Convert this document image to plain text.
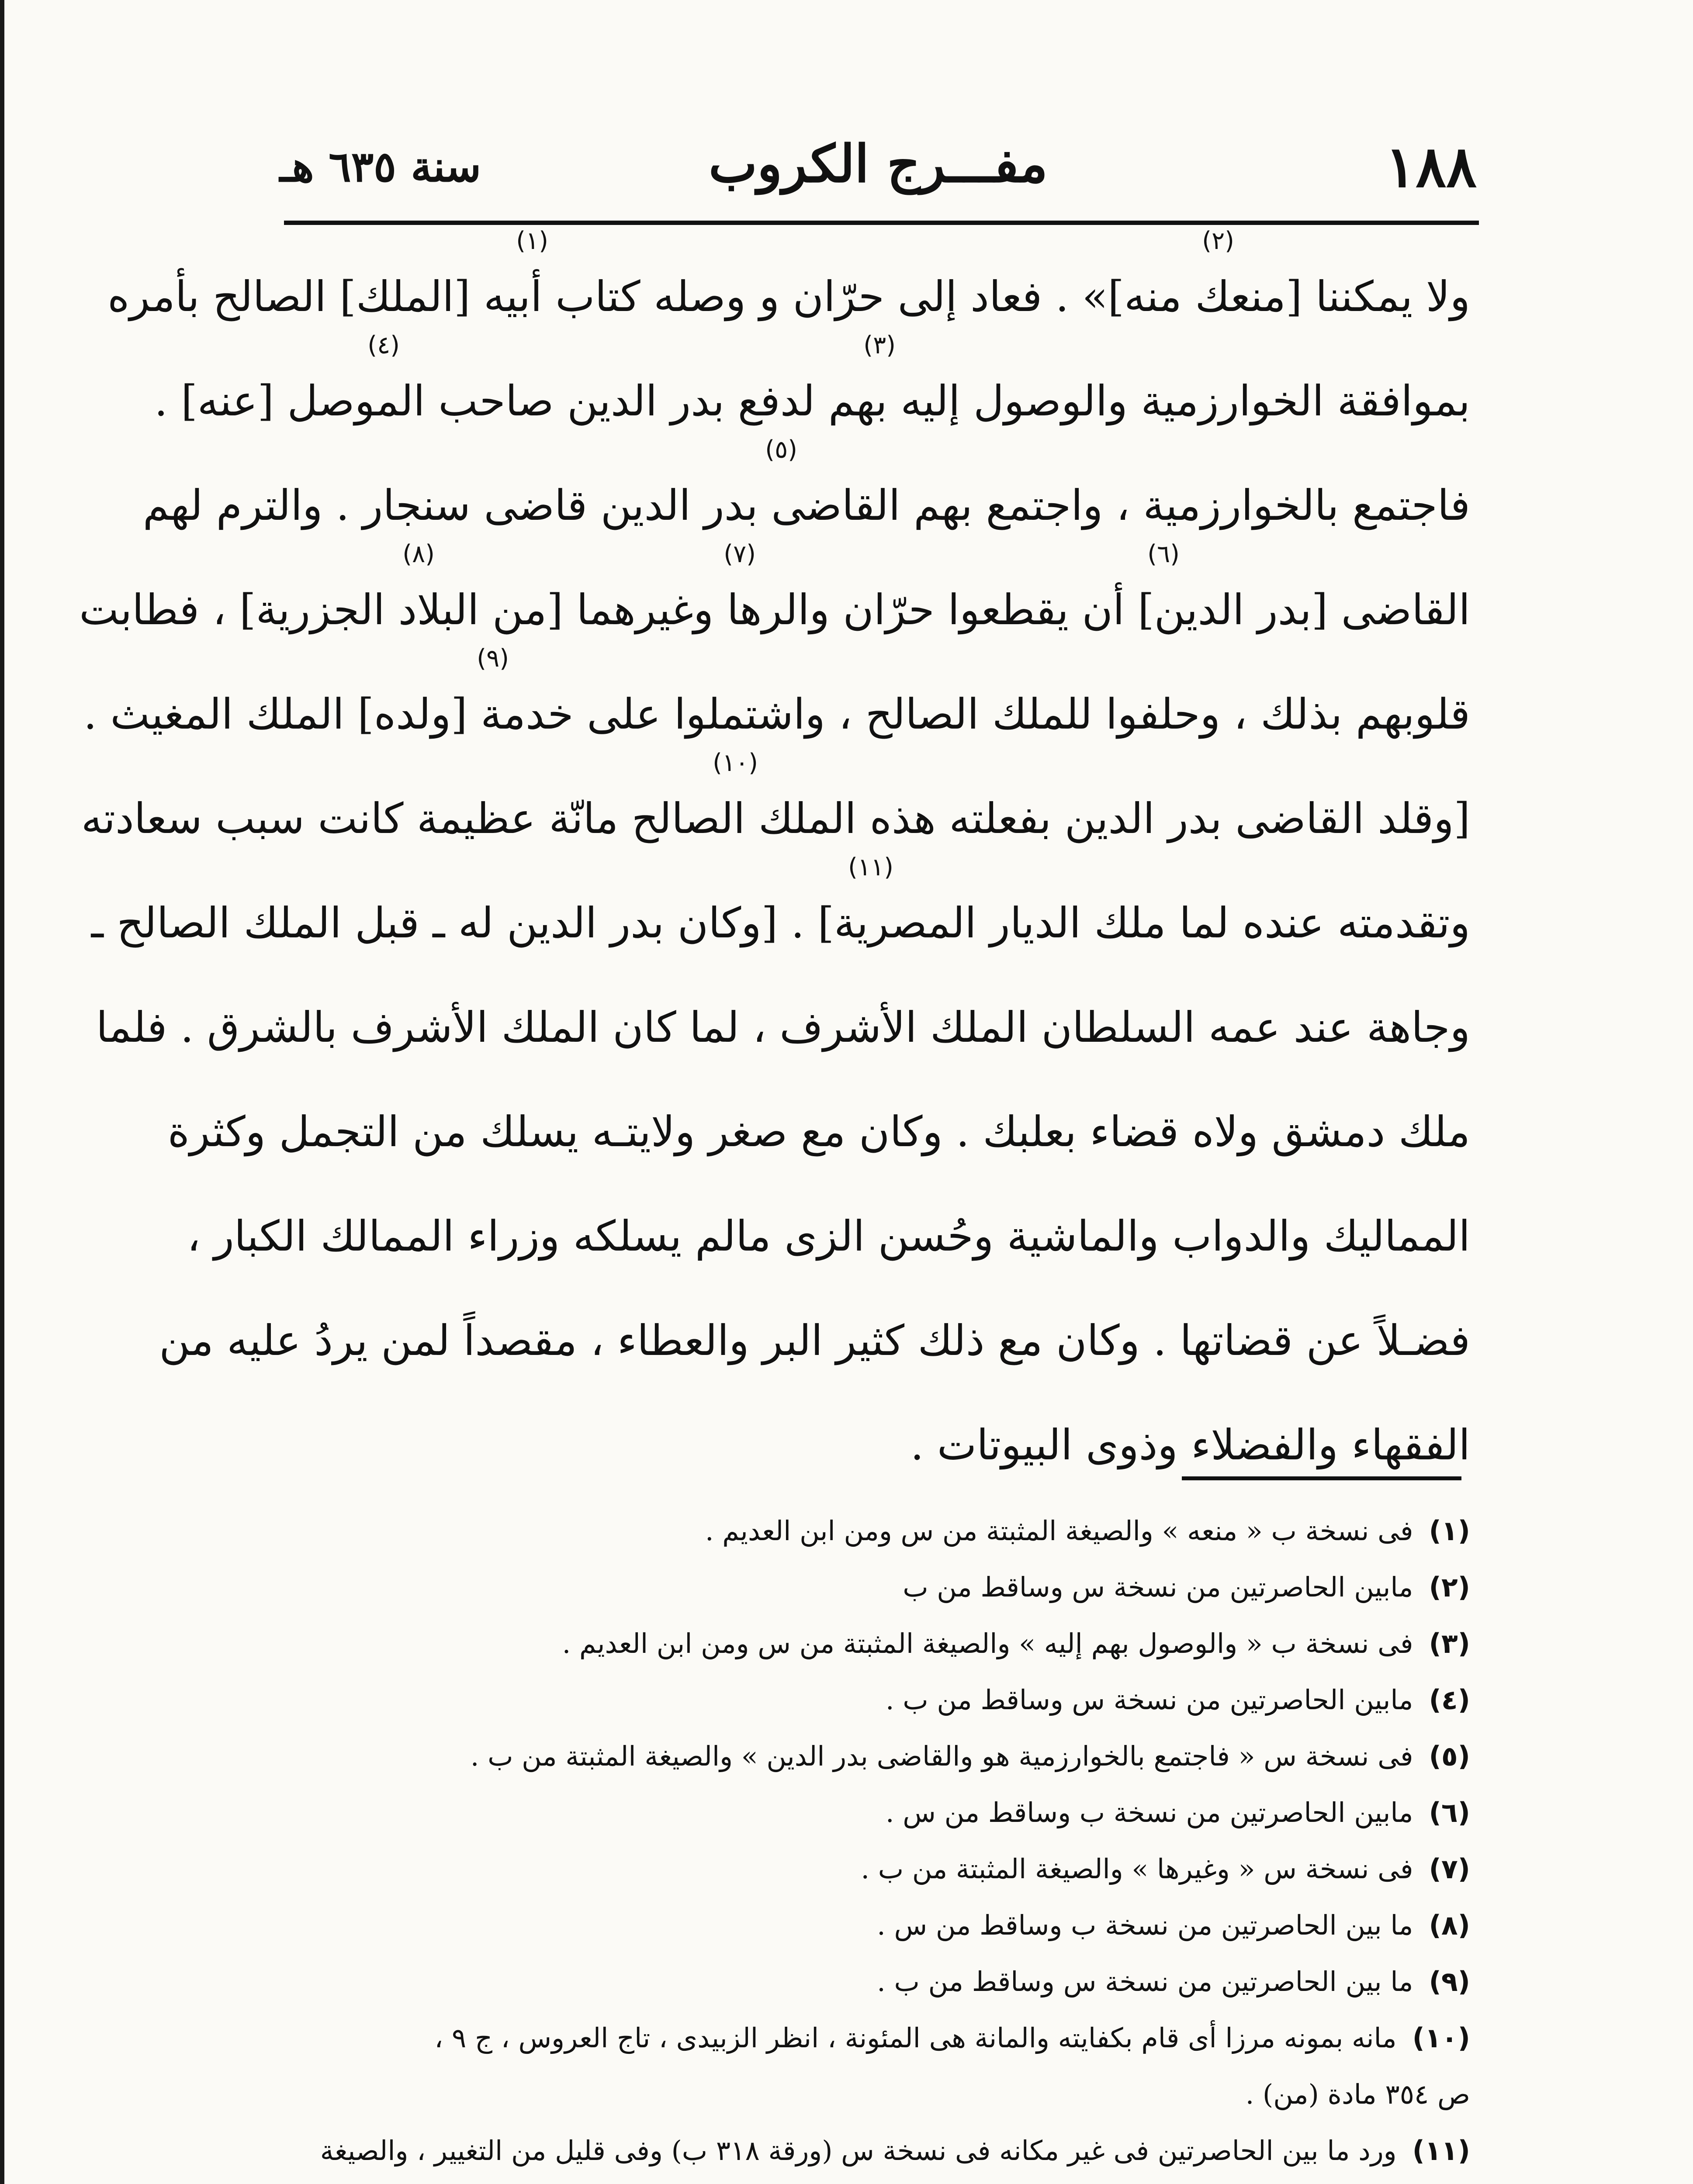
١٨٨
مفـــرج الكروب
سنة ٦٣٥ هـ
(١)	(٢)
ولا يمكننا [منعك منه]» . فعاد إلى حرّان و وصله كتاب أبيه [الملك] الصالح بأمره
(٣)
(٤)
بموافقة الخوارزمية والوصول إليه بهم لدفع بدر الدين صاحب الموصل [عنه] .
(٥)
فاجتمع بالخوارزمية ، واجتمع بهم القاضى بدر الدين قاضى سنجار . والترم لهم
(٦)
(٧)
(٨)
القاضى [بدر الدين] أن يقطعوا حرّان والرها وغيرهما [من البلاد الجزرية] ، فطابت
(٩)
قلوبهم بذلك ، وحلفوا للملك الصالح ، واشتملوا على خدمة [ولده] الملك المغيث .
(١٠)
[وقلد القاضى بدر الدين بفعلته هذه الملك الصالح مانّة عظيمة كانت سبب سعادته
(١١)
وتقدمته عنده لما ملك الديار المصرية] . [وكان بدر الدين له ـ قبل الملك الصالح ـ
وجاهة عند عمه السلطان الملك الأشرف ، لما كان الملك الأشرف بالشرق . فلما
ملك دمشق ولاه قضاء بعلبك . وكان مع صغر ولايتـه يسلك من التجمل وكثرة
المماليك والدواب والماشية وحُسن الزى مالم يسلكه وزراء الممالك الكبار ،
فضـلاً عن قضاتها . وكان مع ذلك كثير البر والعطاء ، مقصداً لمن يردُ عليه من
الفقهاء والفضلاء وذوى البيوتات .
(١)فى نسخة ب « منعه » والصيغة المثبتة من س ومن ابن العديم .
(٢)مابين الحاصرتين من نسخة س وساقط من ب
(٣)فى نسخة ب « والوصول بهم إليه » والصيغة المثبتة من س ومن ابن العديم .
(٤)مابين الحاصرتين من نسخة س وساقط من ب .
(٥)فى نسخة س « فاجتمع بالخوارزمية هو والقاضى بدر الدين » والصيغة المثبتة من ب .
(٦)مابين الحاصرتين من نسخة ب وساقط من س .
(٧)فى نسخة س « وغيرها » والصيغة المثبتة من ب .
(٨)ما بين الحاصرتين من نسخة ب وساقط من س .
(٩)ما بين الحاصرتين من نسخة س وساقط من ب .
(١٠)مانه بمونه مرزا أى قام بكفايته والمانة هى المئونة ، انظر الزبيدى ، تاج العروس ، ج ٩ ،
ص ٣٥٤ مادة (من) .
(١١)ورد ما بين الحاصرتين فى غير مكانه فى نسخة س (ورقة ٣١٨ ب) وفى قليل من التغيير ، والصيغة
